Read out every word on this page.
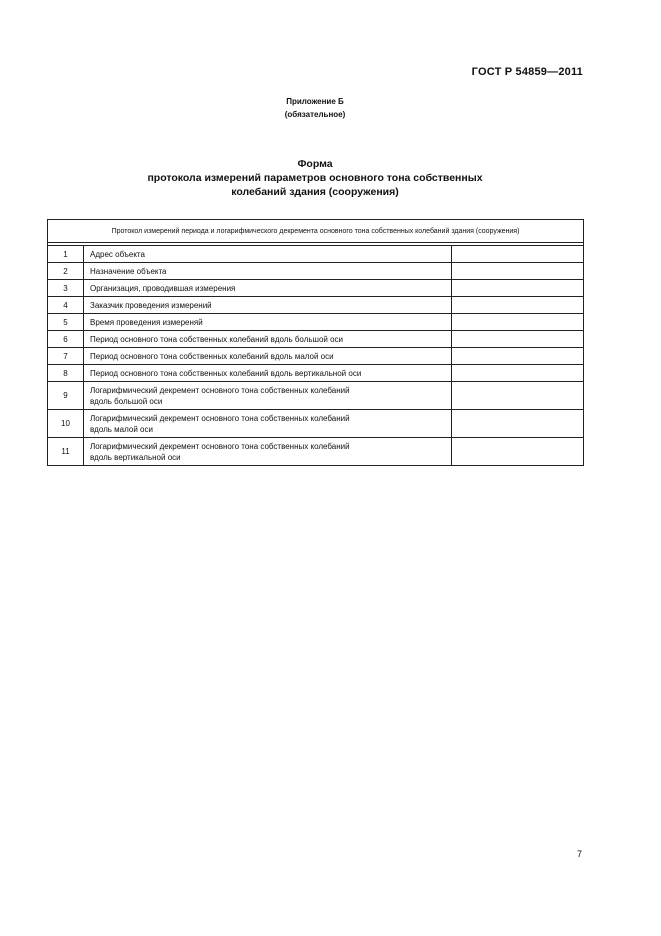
ГОСТ Р 54859—2011
Приложение Б
(обязательное)
Форма
протокола измерений параметров основного тона собственных
колебаний здания (сооружения)
Протокол измерений периода и логарифмического декремента основного тона собственных колебаний здания (сооружения)		

1	Адрес объекта	
2	Назначение объекта	
3	Организация, проводившая измерения	
4	Заказчик проведения измерений	
5	Время проведения измереняй	
6	Период основного тона собственных колебаний вдоль большой оси	
7	Период основного тона собственных колебаний вдоль малой оси	
8	Период основного тона собственных колебаний вдоль вертикальной оси	
9	Логарифмический декремент основного тона собственных колебаний
вдоль большой оси	

10	Логарифмический декремент основного тона собственных колебаний
вдоль малой оси	

11	Логарифмический декремент основного тона собственных колебаний
вдоль вертикальной оси	

7
